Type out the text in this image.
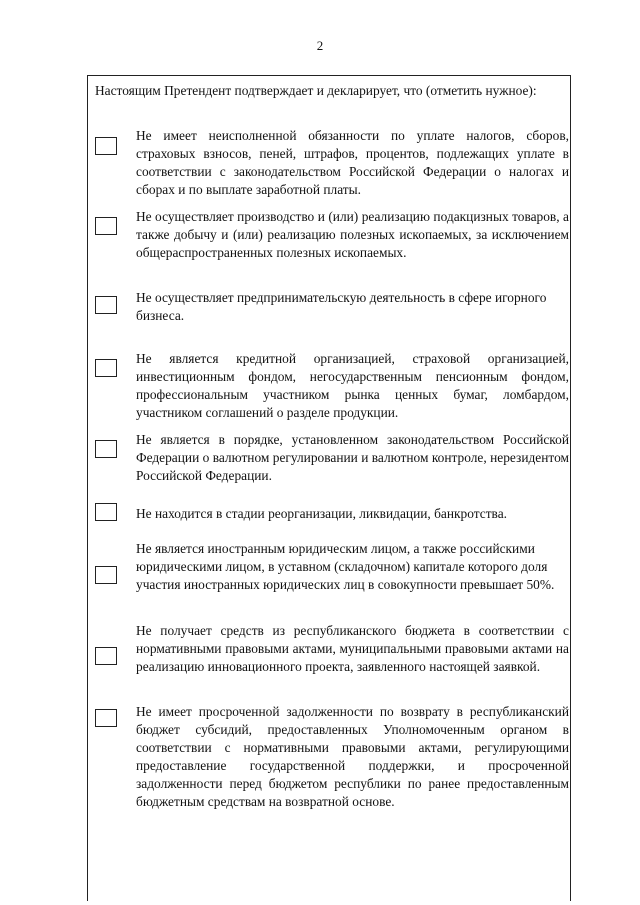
2
Настоящим Претендент подтверждает и декларирует, что (отметить нужное):
Не имеет неисполненной обязанности по уплате налогов, сборов, страховых взносов, пеней, штрафов, процентов, подлежащих уплате в соответствии с законодательством Российской Федерации о налогах и сборах и по выплате заработной платы.
Не осуществляет производство и (или) реализацию подакцизных товаров, а также добычу и (или) реализацию полезных ископаемых, за исключением общераспространенных полезных ископаемых.
Не осуществляет предпринимательскую деятельность в сфере игорного бизнеса.
Не является кредитной организацией, страховой организацией, инвестиционным фондом, негосударственным пенсионным фондом, профессиональным участником рынка ценных бумаг, ломбардом, участником соглашений о разделе продукции.
Не является в порядке, установленном законодательством Российской Федерации о валютном регулировании и валютном контроле, нерезидентом Российской Федерации.
Не находится в стадии реорганизации, ликвидации, банкротства.
Не является иностранным юридическим лицом, а также российскими юридическими лицом, в уставном (складочном) капитале которого доля участия иностранных юридических лиц в совокупности превышает 50%.
Не получает средств из республиканского бюджета в соответствии с нормативными правовыми актами, муниципальными правовыми актами на реализацию инновационного проекта, заявленного настоящей заявкой.
Не имеет просроченной задолженности по возврату в республиканский бюджет субсидий, предоставленных Уполномоченным органом в соответствии с нормативными правовыми актами, регулирующими предоставление государственной поддержки, и просроченной задолженности перед бюджетом республики по ранее предоставленным бюджетным средствам на возвратной основе.
